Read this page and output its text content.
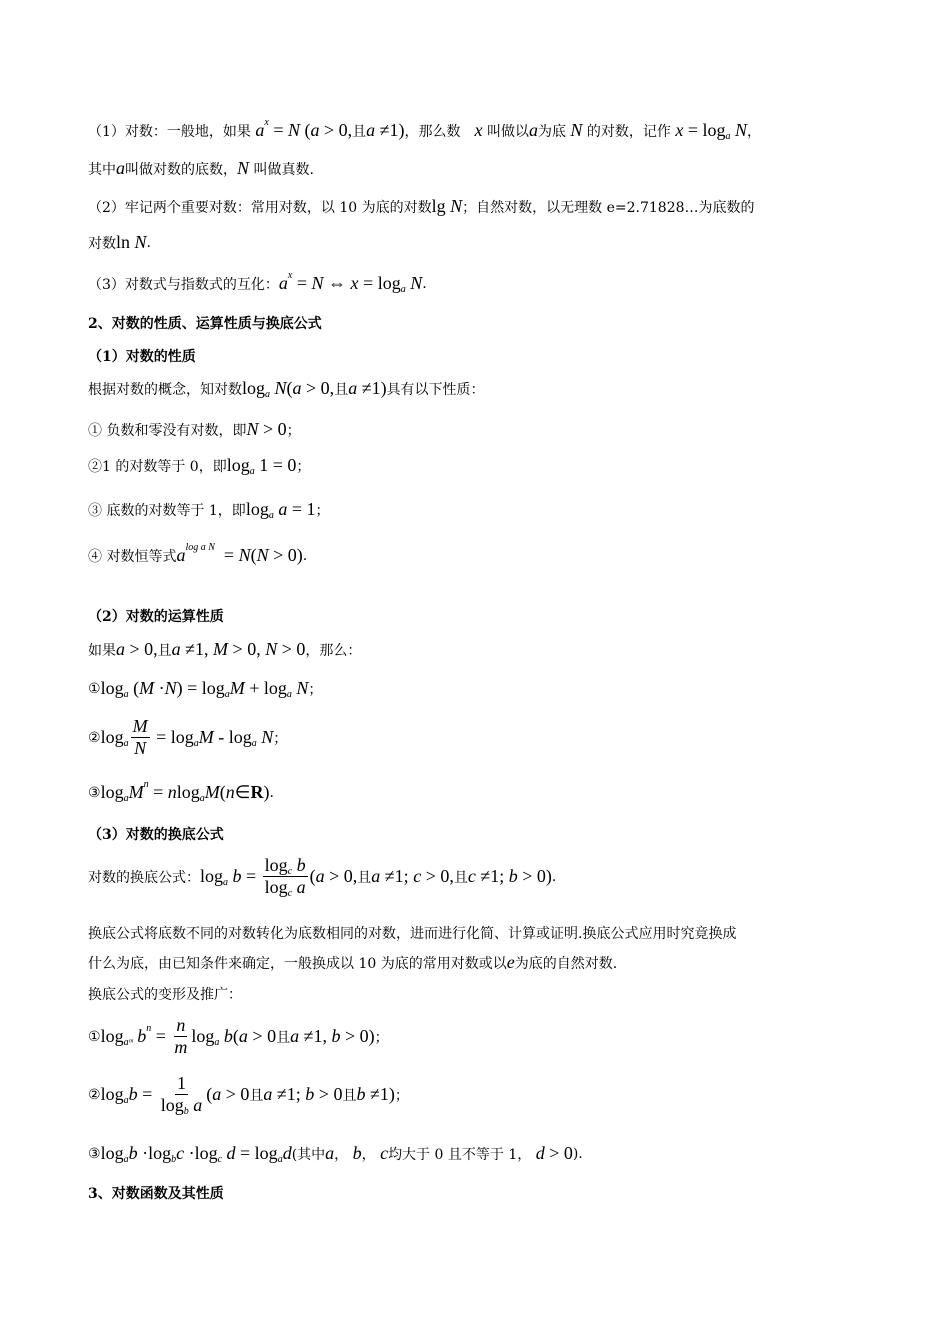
（1）对数：一般地，如果 a x = N ( a > 0, 且 a ≠1) ，那么数　 x 叫做以 a 为底 N 的对数，记作 x = log a N ，
其中 a 叫做对数的底数， N 叫做真数.
（2）牢记两个重要对数：常用对数，以 10 为底的对数 lg N ；自然对数，以无理数 e=2.71828…为底数的
对数 ln N .
（3）对数式与指数式的互化： a x = N ⇔ x = log a N .
2、对数的性质、运算性质与换底公式
（1）对数的性质
根据对数的概念，知对数 log a N ( a > 0, 且 a ≠1) 具有以下性质：
① 负数和零没有对数，即 N > 0 ；
②1 的对数等于 0，即 log a 1 = 0 ；
③ 底数的对数等于 1，即 log a a = 1 ；
④ 对数恒等式 a log a N = N ( N > 0) .
（2）对数的运算性质
如果 a > 0, 且 a ≠1, M > 0, N > 0 ，那么：
① log a ( M · N ) = log a M + log a N ；
② log a $\frac{M}{N} = \log a$ M - log a N ；
③ log a M n = n log a M ( n ∈ R ) .
（3）对数的换底公式
对数的换底公式： log a $b = \frac{\text{log c b}}{\text{log c a}}$ ( a > 0, 且 a ≠1; c > 0, 且 c ≠1; b > 0) .
换底公式将底数不同的对数转化为底数相同的对数，进而进行化简、计算或证明.换底公式应用时究竟换成
什么为底，由已知条件来确定，一般换成以 10 为底的常用对数或以 e 为底的自然对数.
换底公式的变形及推广：
① log aᵐ b $n = \frac{n}{m}$ log a b ( a > 0 且 a ≠1, b > 0) ；
② log a $b = \frac{1}{\text{log b a}}$ ( a > 0 且 a ≠1; b > 0 且 b ≠1) ；
③ log a b ·log b c ·log c d = log a d (其中 a ， b ， c 均大于 0 且不等于 1， d > 0 ).
3、对数函数及其性质
